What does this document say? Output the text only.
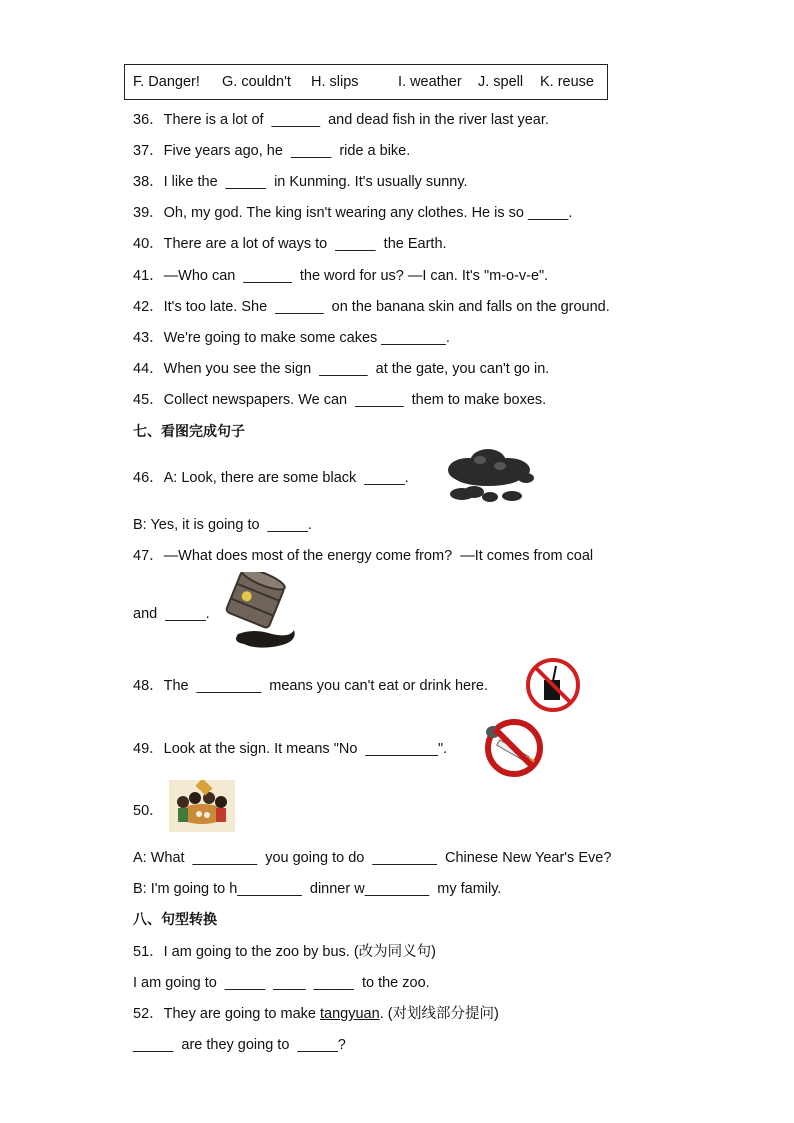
F. Danger! G. couldn't H. slips	I. weather J. spell K. reuse
36．There is a lot of  ______  and dead fish in the river last year.
37．Five years ago, he  _____  ride a bike.
38．I like the  _____  in Kunming. It's usually sunny.
39．Oh, my god. The king isn't wearing any clothes. He is so _____.
40．There are a lot of ways to  _____  the Earth.
41．—Who can  ______  the word for us? —I can. It's "m-o-v-e".
42．It's too late. She  ______  on the banana skin and falls on the ground.
43．We're going to make some cakes ________.
44．When you see the sign  ______  at the gate, you can't go in.
45．Collect newspapers. We can  ______  them to make boxes.
七、看图完成句子
46．A: Look, there are some black  _____.
B: Yes, it is going to  _____.
47．—What does most of the energy come from?  —It comes from coal
and  _____.
48．The  ________  means you can't eat or drink here.
49．Look at the sign. It means "No  _________".
50．
A: What  ________  you going to do  ________  Chinese New Year's Eve?
B: I'm going to h________  dinner w________  my family.
八、句型转换
51．I am going to the zoo by bus. (改为同义句)
I am going to  _____  ____  _____  to the zoo.
52．They are going to make tangyuan. (对划线部分提问)
_____  are they going to  _____?
